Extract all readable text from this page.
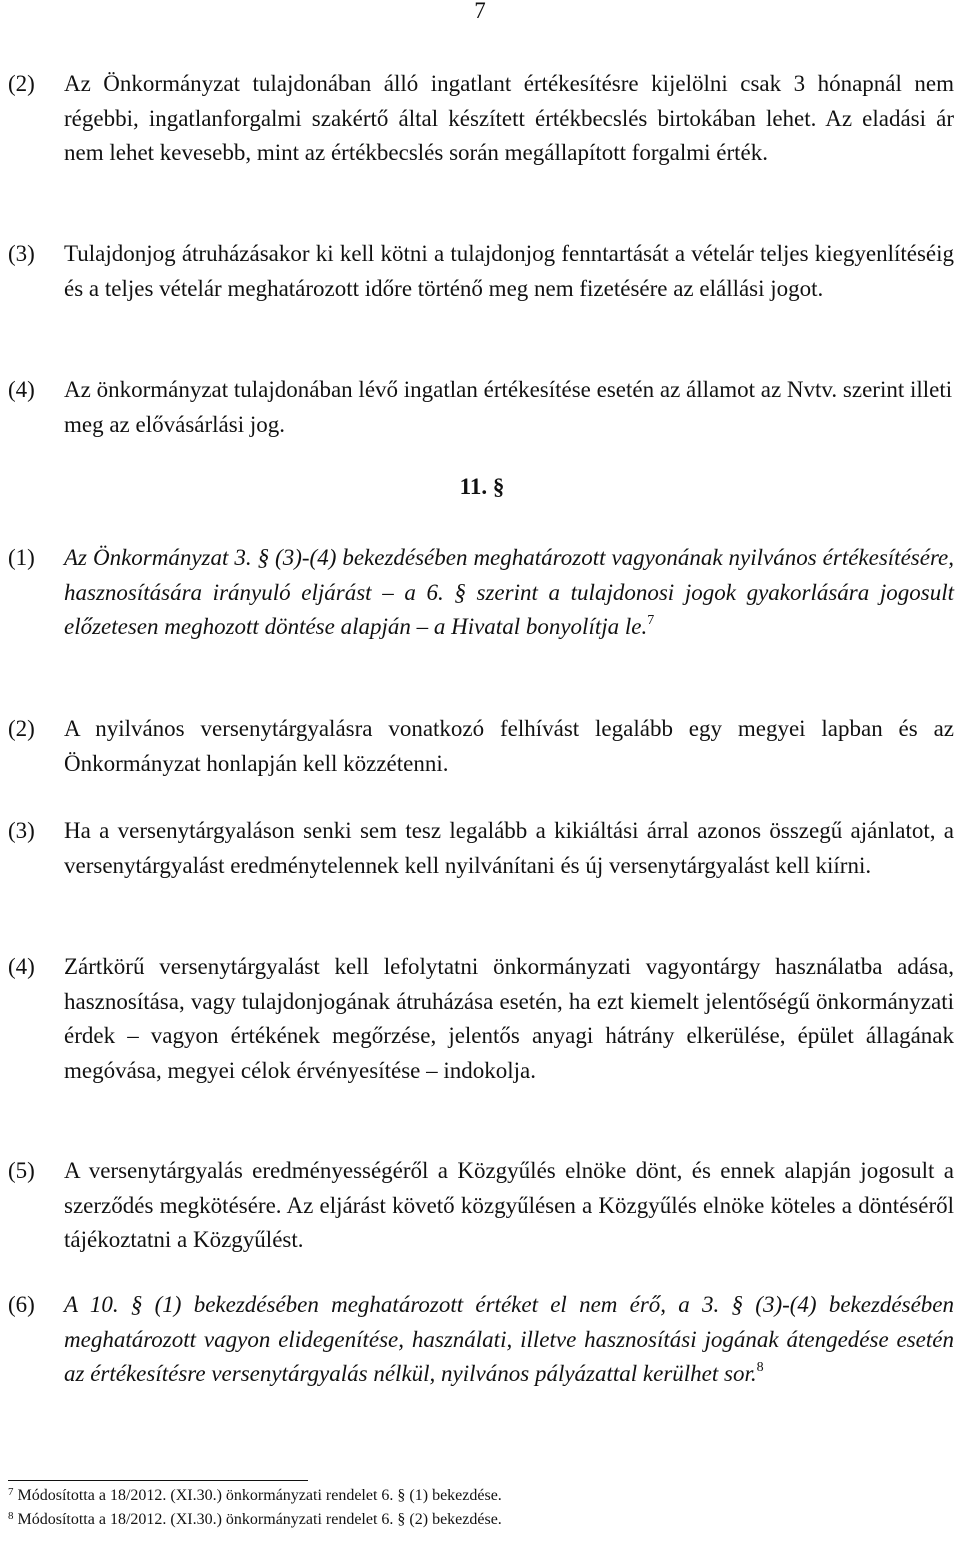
7
(2) Az Önkormányzat tulajdonában álló ingatlant értékesítésre kijelölni csak 3 hónapnál nem régebbi, ingatlanforgalmi szakértő által készített értékbecslés birtokában lehet. Az eladási ár nem lehet kevesebb, mint az értékbecslés során megállapított forgalmi érték.
(3) Tulajdonjog átruházásakor ki kell kötni a tulajdonjog fenntartását a vételár teljes kiegyenlítéséig és a teljes vételár meghatározott időre történő meg nem fizetésére az elállási jogot.
(4) Az önkormányzat tulajdonában lévő ingatlan értékesítése esetén az államot az Nvtv. szerint illeti meg az elővásárlási jog.
11. §
(1) Az Önkormányzat 3. § (3)-(4) bekezdésében meghatározott vagyonának nyilvános értékesítésére, hasznosítására irányuló eljárást – a 6. § szerint a tulajdonosi jogok gyakorlására jogosult előzetesen meghozott döntése alapján – a Hivatal bonyolítja le.$^7$
(2) A nyilvános versenytárgyalásra vonatkozó felhívást legalább egy megyei lapban és az Önkormányzat honlapján kell közzétenni.
(3) Ha a versenytárgyaláson senki sem tesz legalább a kikiáltási árral azonos összegű ajánlatot, a versenytárgyalást eredménytelennek kell nyilvánítani és új versenytárgyalást kell kiírni.
(4) Zártkörű versenytárgyalást kell lefolytatni önkormányzati vagyontárgy használatba adása, hasznosítása, vagy tulajdonjogának átruházása esetén, ha ezt kiemelt jelentőségű önkormányzati érdek – vagyon értékének megőrzése, jelentős anyagi hátrány elkerülése, épület állagának megóvása, megyei célok érvényesítése – indokolja.
(5) A versenytárgyalás eredményességéről a Közgyűlés elnöke dönt, és ennek alapján jogosult a szerződés megkötésére. Az eljárást követő közgyűlésen a Közgyűlés elnöke köteles a döntéséről tájékoztatni a Közgyűlést.
(6) A 10. § (1) bekezdésében meghatározott értéket el nem érő, a 3. § (3)-(4) bekezdésében meghatározott vagyon elidegenítése, használati, illetve hasznosítási jogának átengedése esetén az értékesítésre versenytárgyalás nélkül, nyilvános pályázattal kerülhet sor.$^8$
$^7$ Módosította a 18/2012. (XI.30.) önkormányzati rendelet 6. § (1) bekezdése.
$^8$ Módosította a 18/2012. (XI.30.) önkormányzati rendelet 6. § (2) bekezdése.
